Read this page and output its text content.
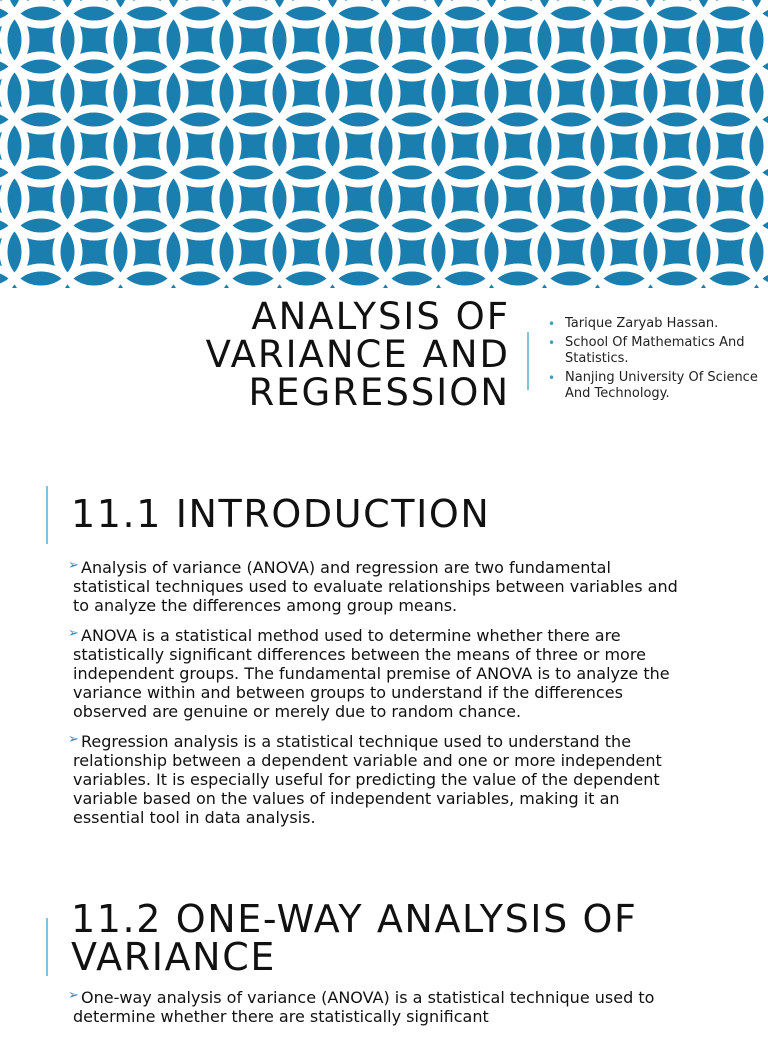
ANALYSIS OF
VARIANCE AND
REGRESSION
• Tarique Zaryab Hassan.
• School Of Mathematics And Statistics.
• Nanjing University Of Science And Technology.
11.1 INTRODUCTION
➢ Analysis of variance (ANOVA) and regression are two fundamental statistical techniques used to evaluate relationships between variables and to analyze the differences among group means.
➢ ANOVA is a statistical method used to determine whether there are statistically significant differences between the means of three or more independent groups. The fundamental premise of ANOVA is to analyze the variance within and between groups to understand if the differences observed are genuine or merely due to random chance.
➢ Regression analysis is a statistical technique used to understand the relationship between a dependent variable and one or more independent variables. It is especially useful for predicting the value of the dependent variable based on the values of independent variables, making it an essential tool in data analysis.
11.2 ONE-WAY ANALYSIS OF
VARIANCE
➢ One-way analysis of variance (ANOVA) is a statistical technique used to determine whether there are statistically significant
